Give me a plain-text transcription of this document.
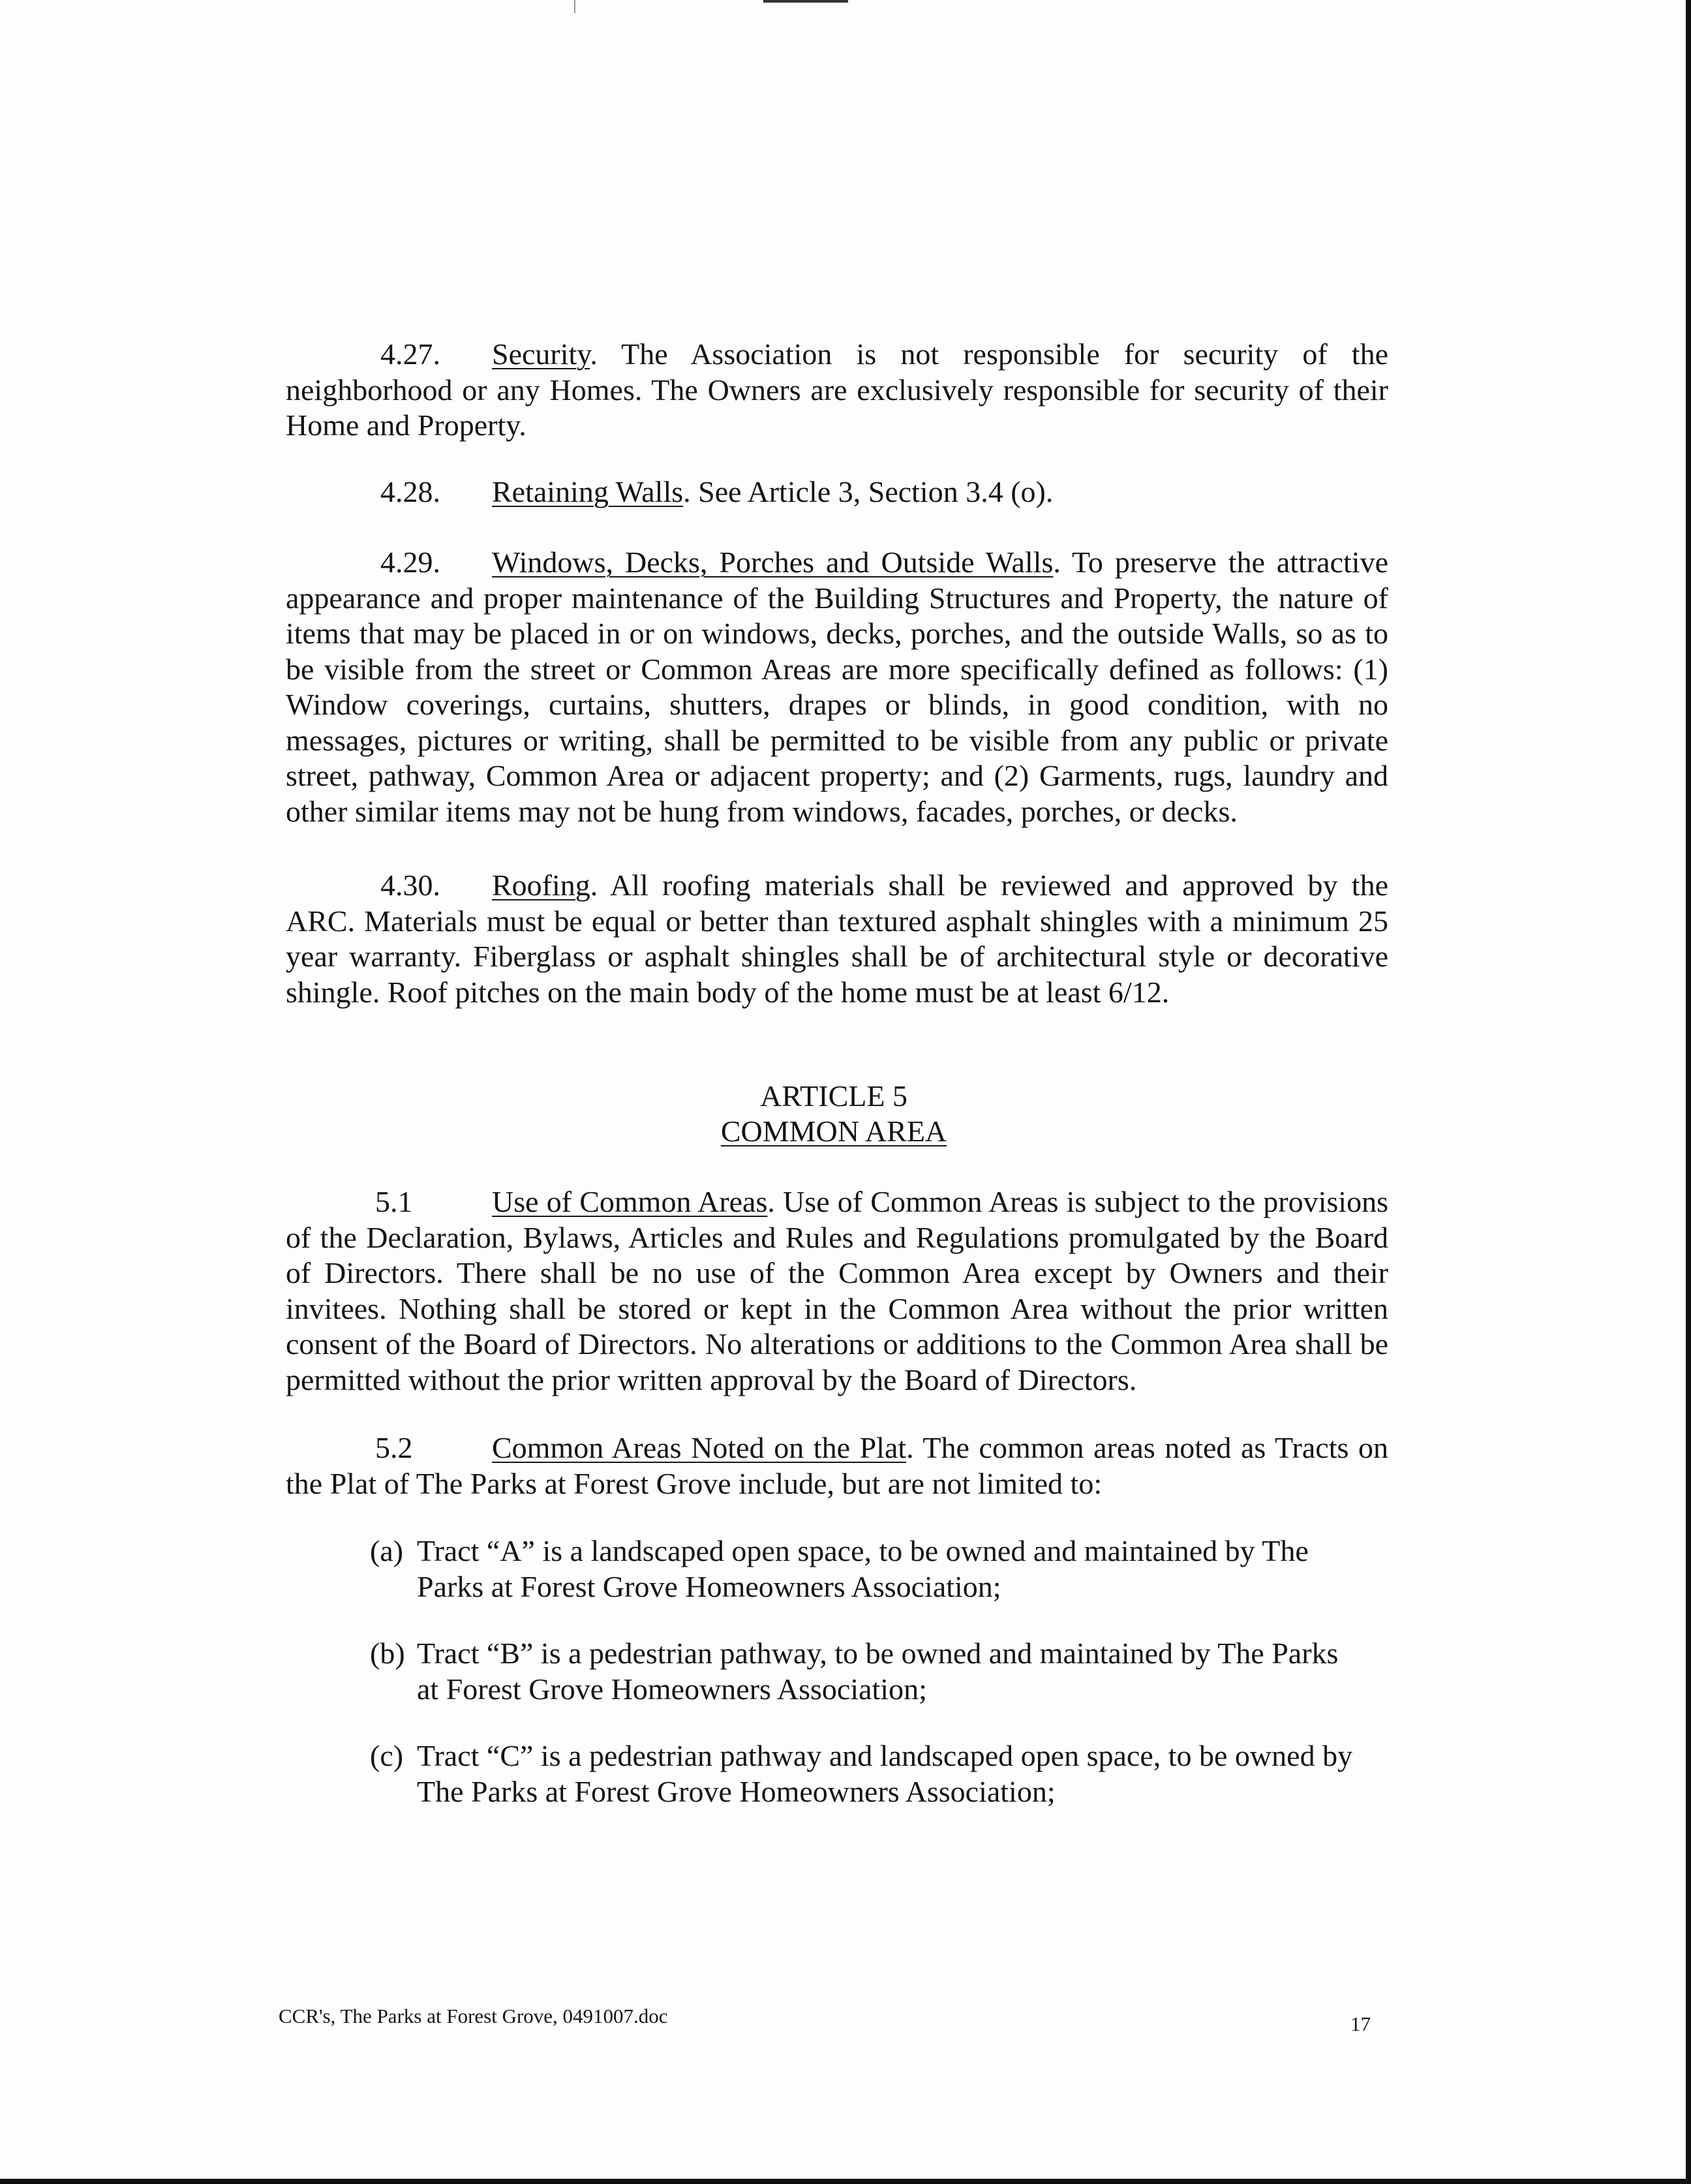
4.27. Security. The Association is not responsible for security of the neighborhood or any Homes. The Owners are exclusively responsible for security of their Home and Property.
4.28. Retaining Walls. See Article 3, Section 3.4 (o).
4.29. Windows, Decks, Porches and Outside Walls. To preserve the attractive appearance and proper maintenance of the Building Structures and Property, the nature of items that may be placed in or on windows, decks, porches, and the outside Walls, so as to be visible from the street or Common Areas are more specifically defined as follows: (1) Window coverings, curtains, shutters, drapes or blinds, in good condition, with no messages, pictures or writing, shall be permitted to be visible from any public or private street, pathway, Common Area or adjacent property; and (2) Garments, rugs, laundry and other similar items may not be hung from windows, facades, porches, or decks.
4.30. Roofing. All roofing materials shall be reviewed and approved by the ARC. Materials must be equal or better than textured asphalt shingles with a minimum 25 year warranty. Fiberglass or asphalt shingles shall be of architectural style or decorative shingle. Roof pitches on the main body of the home must be at least 6/12.
ARTICLE 5
COMMON AREA
5.1	Use of Common Areas. Use of Common Areas is subject to the provisions of the Declaration, Bylaws, Articles and Rules and Regulations promulgated by the Board of Directors. There shall be no use of the Common Area except by Owners and their invitees. Nothing shall be stored or kept in the Common Area without the prior written consent of the Board of Directors. No alterations or additions to the Common Area shall be permitted without the prior written approval by the Board of Directors.
5.2	Common Areas Noted on the Plat. The common areas noted as Tracts on the Plat of The Parks at Forest Grove include, but are not limited to:
(a) Tract “A” is a landscaped open space, to be owned and maintained by The
Parks at Forest Grove Homeowners Association;
(b) Tract “B” is a pedestrian pathway, to be owned and maintained by The Parks
at Forest Grove Homeowners Association;
(c) Tract “C” is a pedestrian pathway and landscaped open space, to be owned by
The Parks at Forest Grove Homeowners Association;
CCR's, The Parks at Forest Grove, 0491007.doc	17
